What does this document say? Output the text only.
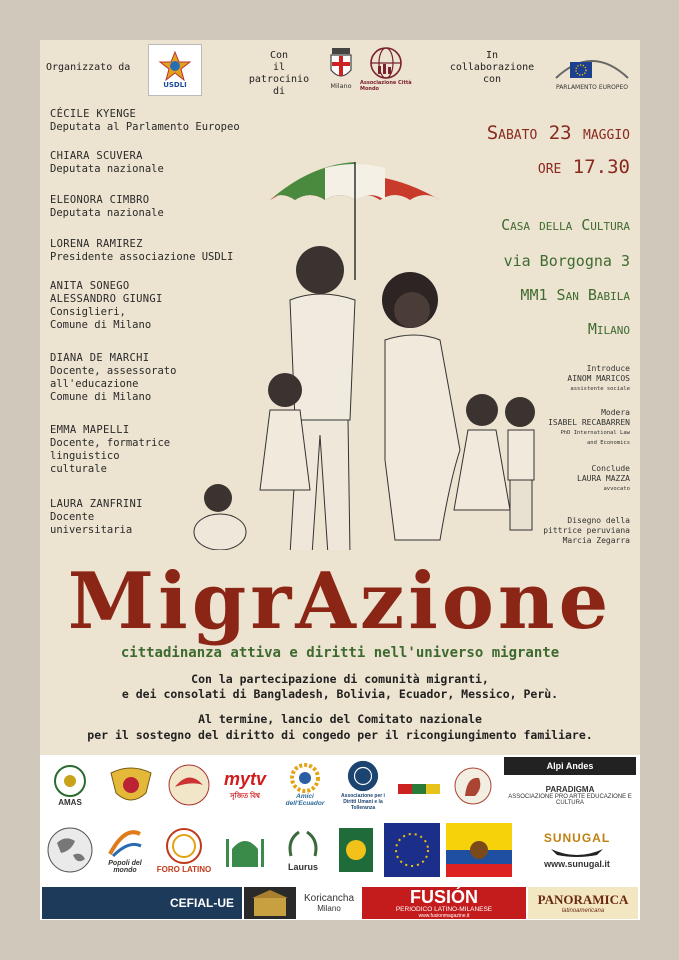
Organizzato da
USDLI
Con
il patrocinio
di	Milano Associazione Città Mondo
In
collaborazione
con
PARLAMENTO EUROPEO
CÉCILE KYENGE
Deputata al Parlamento Europeo
CHIARA SCUVERA
Deputata nazionale
ELEONORA CIMBRO
Deputata nazionale
LORENA RAMIREZ
Presidente associazione USDLI
ANITA SONEGO
ALESSANDRO GIUNGI
Consiglieri,
Comune di Milano
DIANA DE MARCHI
Docente, assessorato
all'educazione
Comune di Milano
EMMA MAPELLI
Docente, formatrice
linguistico
culturale
LAURA ZANFRINI
Docente
universitaria
Sabato 23 maggio
ore 17.30
Casa della Cultura
via Borgogna 3
MM1 San Babila
Milano
Introduce
AINOM MARICOS
assistente sociale
Modera
ISABEL RECABARREN
PhD International Law
and Economics
Conclude
LAURA MAZZA
avvocato
Disegno della
pittrice peruviana
Marcia Zegarra
MigrAzione
cittadinanza attiva e diritti nell'universo migrante
Con la partecipazione di comunità migranti,
e dei consolati di Bangladesh, Bolivia, Ecuador, Messico, Perù.
Al termine, lancio del Comitato nazionale
per il sostegno del diritto di congedo per il ricongiungimento familiare.
AMAS
mytv
সৃজিত বিশ্ব	Amici dell'Ecuador
Associazione per i Diritti Umani e la Tolleranza
Alpi Andes
PARADIGMA
ASSOCIAZIONE PRO ARTE EDUCAZIONE E CULTURA
Popoli del mondo	FORO LATINO	Laurus
SUNUGAL
www.sunugal.it
CEFIAL-UE	Koricancha
Milano
FUSIÓN
PERIODICO LATINO-MILANESE
www.fusionmagazine.it
PANORAMICA
latinoamericana
